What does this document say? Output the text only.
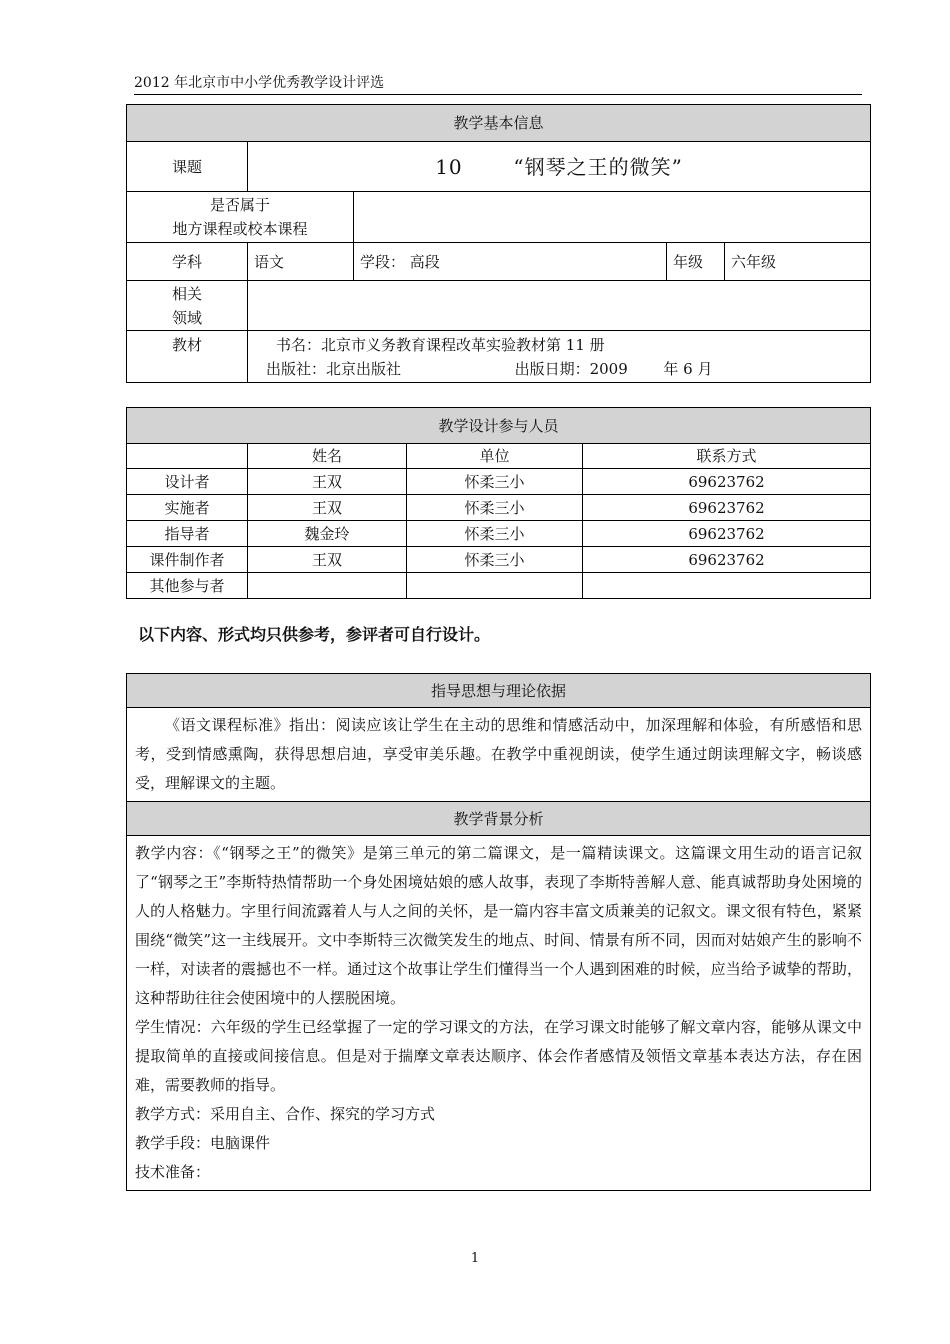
2012 年北京市中小学优秀教学设计评选
教学基本信息				
课题	10 “钢琴之王的微笑”			

是否属于
地方课程或校本课程				

学科	语文	学段： 高段	年级	六年级

相关
领域				

教材	书名：北京市义务教育课程改革实验教材第 11 册
出版社：北京出版社 出版日期：2009 年 6 月			
教学设计参与人员			
	姓名	单位	联系方式
设计者	王双	怀柔三小	69623762
实施者	王双	怀柔三小	69623762
指导者	魏金玲	怀柔三小	69623762
课件制作者	王双	怀柔三小	69623762
其他参与者			
以下内容、形式均只供参考，参评者可自行设计。
指导思想与理论依据

《语文课程标准》指出：阅读应该让学生在主动的思维和情感活动中，加深理解和体验，有所感悟和思考，受到情感熏陶，获得思想启迪，享受审美乐趣。在教学中重视朗读，使学生通过朗读理解文字，畅谈感受，理解课文的主题。

教学背景分析

教学内容：《“钢琴之王”的微笑》是第三单元的第二篇课文，是一篇精读课文。这篇课文用生动的语言记叙了“钢琴之王”李斯特热情帮助一个身处困境姑娘的感人故事，表现了李斯特善解人意、能真诚帮助身处困境的人的人格魅力。字里行间流露着人与人之间的关怀，是一篇内容丰富文质兼美的记叙文。课文很有特色，紧紧围绕“微笑”这一主线展开。文中李斯特三次微笑发生的地点、时间、情景有所不同，因而对姑娘产生的影响不一样，对读者的震撼也不一样。通过这个故事让学生们懂得当一个人遇到困难的时候，应当给予诚挚的帮助，这种帮助往往会使困境中的人摆脱困境。
学生情况：六年级的学生已经掌握了一定的学习课文的方法，在学习课文时能够了解文章内容，能够从课文中提取简单的直接或间接信息。但是对于揣摩文章表达顺序、体会作者感情及领悟文章基本表达方法，存在困难，需要教师的指导。
教学方式：采用自主、合作、探究的学习方式
教学手段：电脑课件
技术准备：
1
